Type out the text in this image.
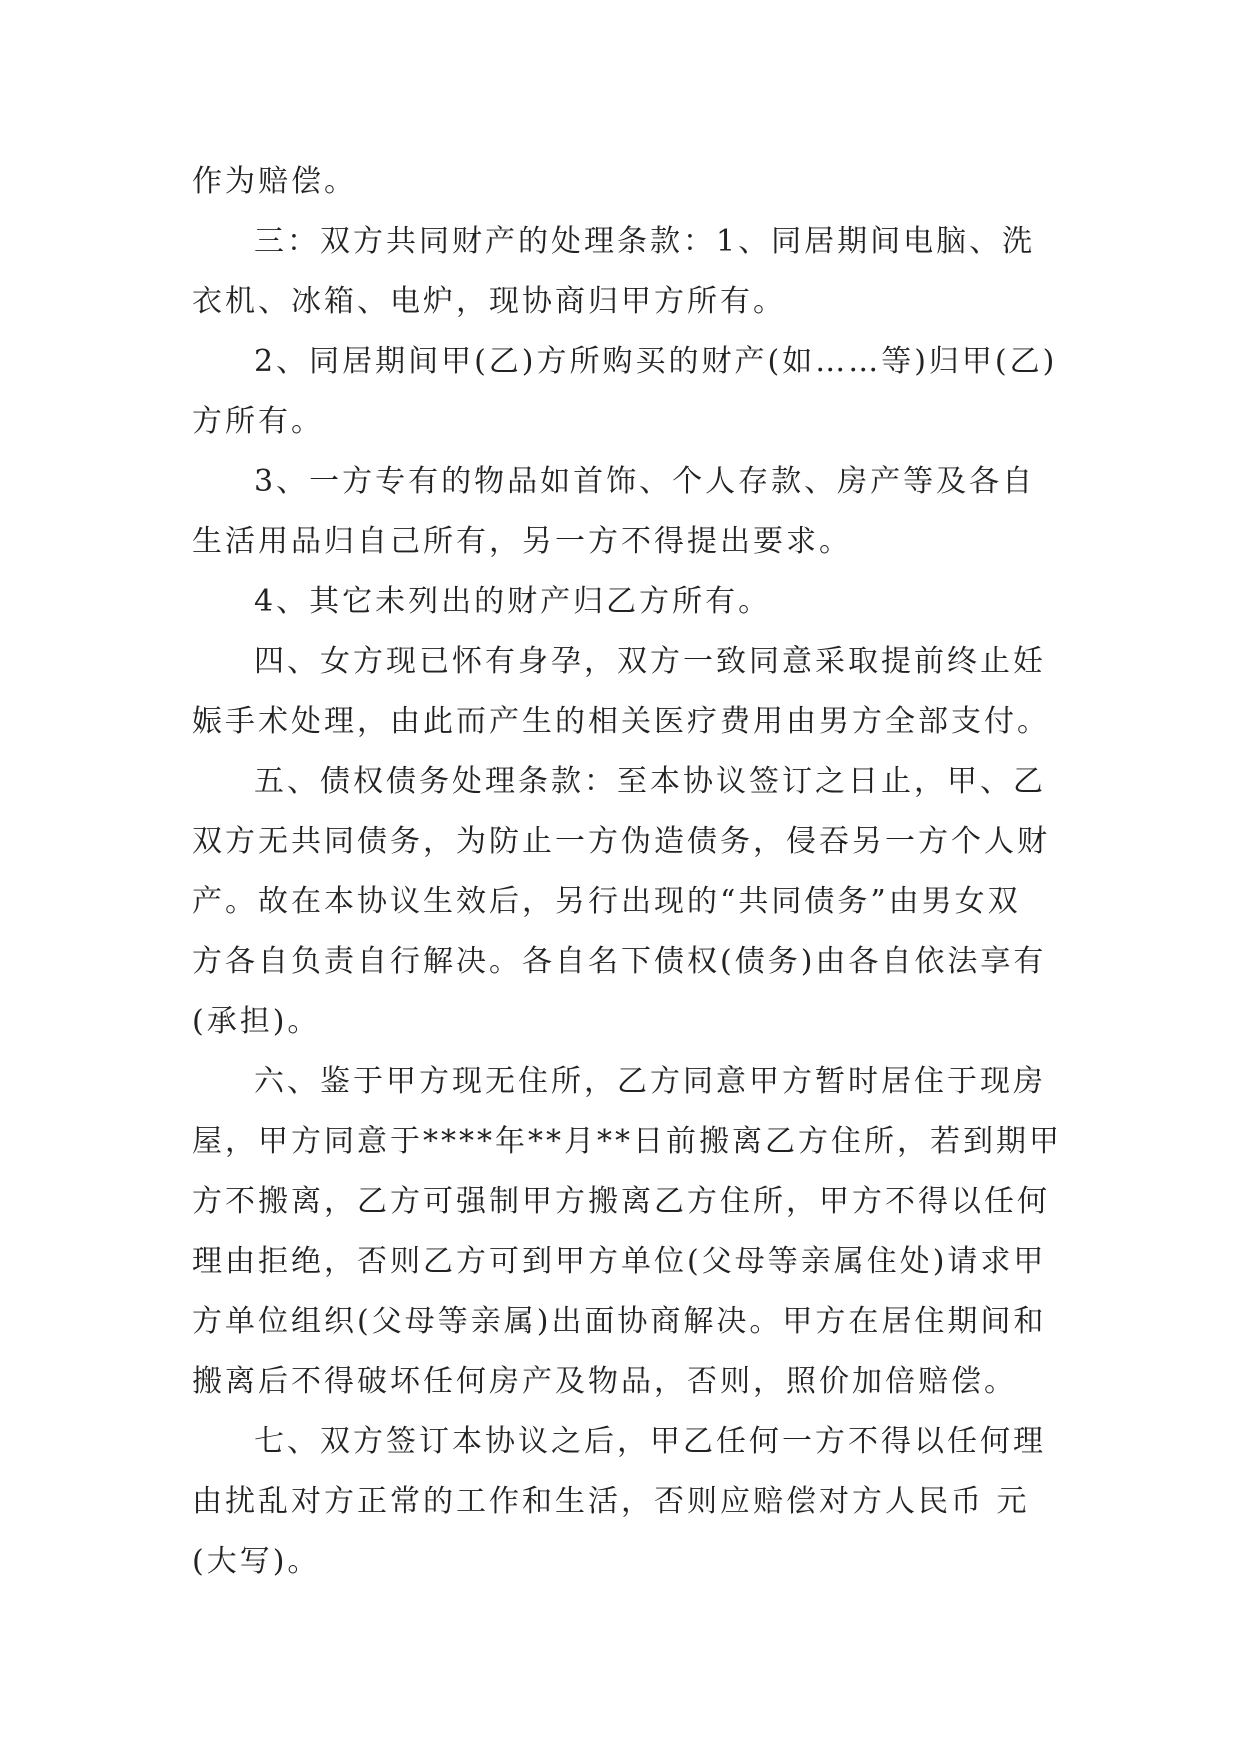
作为赔偿。
三：双方共同财产的处理条款：1、同居期间电脑、洗
衣机、冰箱、电炉，现协商归甲方所有。
2、同居期间甲(乙)方所购买的财产(如……等)归甲(乙)
方所有。
3、一方专有的物品如首饰、个人存款、房产等及各自
生活用品归自己所有，另一方不得提出要求。
4、其它未列出的财产归乙方所有。
四、女方现已怀有身孕，双方一致同意采取提前终止妊
娠手术处理，由此而产生的相关医疗费用由男方全部支付。
五、债权债务处理条款：至本协议签订之日止，甲、乙
双方无共同债务，为防止一方伪造债务，侵吞另一方个人财
产。故在本协议生效后，另行出现的“共同债务”由男女双
方各自负责自行解决。各自名下债权(债务)由各自依法享有
(承担)。
六、鉴于甲方现无住所，乙方同意甲方暂时居住于现房
屋，甲方同意于****年**月**日前搬离乙方住所，若到期甲
方不搬离，乙方可强制甲方搬离乙方住所，甲方不得以任何
理由拒绝，否则乙方可到甲方单位(父母等亲属住处)请求甲
方单位组织(父母等亲属)出面协商解决。甲方在居住期间和
搬离后不得破坏任何房产及物品，否则，照价加倍赔偿。
七、双方签订本协议之后，甲乙任何一方不得以任何理
由扰乱对方正常的工作和生活，否则应赔偿对方人民币 元
(大写)。
